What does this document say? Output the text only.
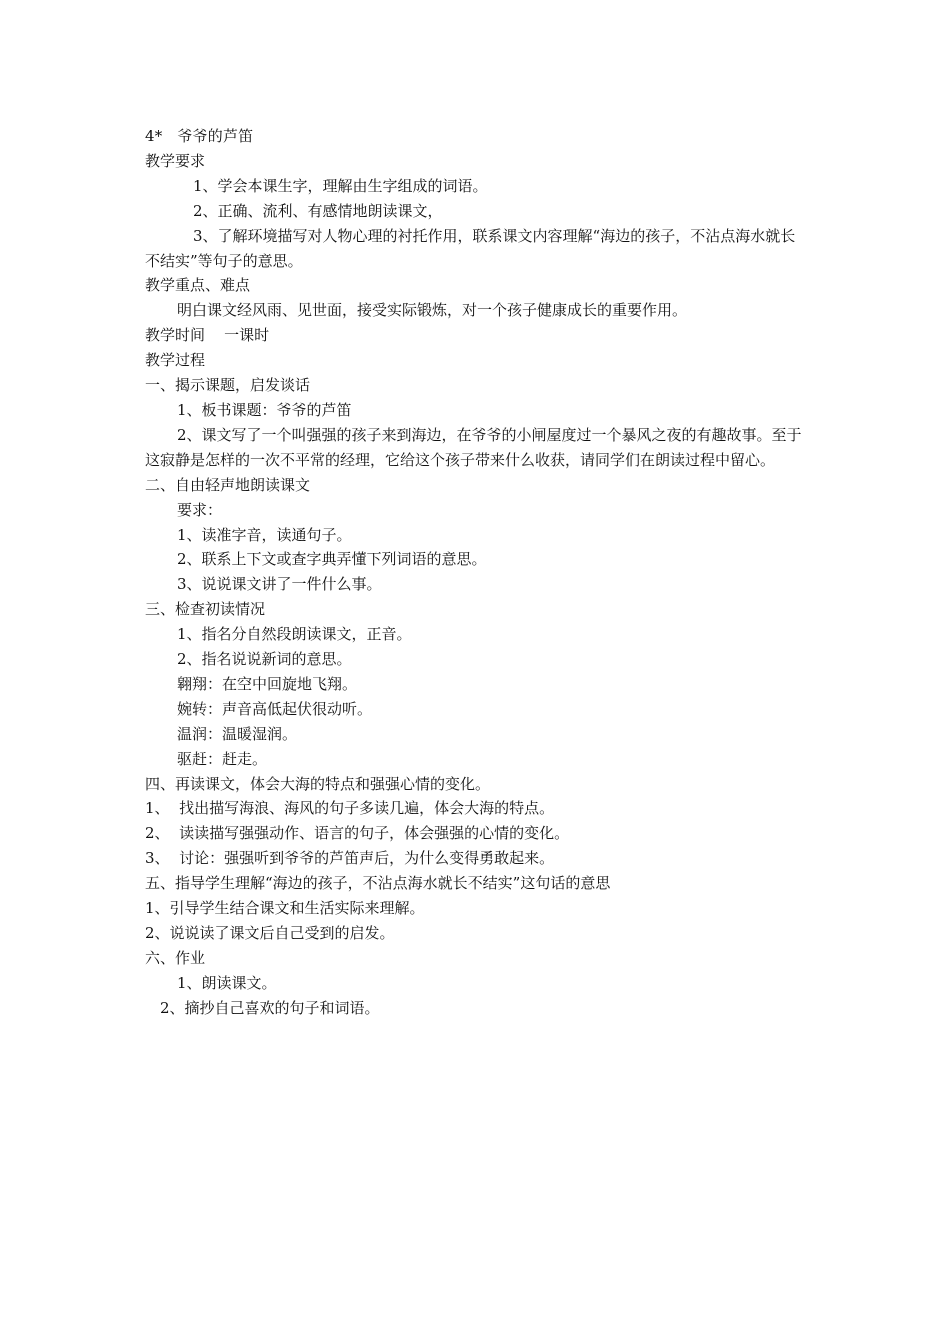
4*   爷爷的芦笛

教学要求

1、学会本课生字，理解由生字组成的词语。

2、正确、流利、有感情地朗读课文，

3、了解环境描写对人物心理的衬托作用，联系课文内容理解“海边的孩子，不沾点海水就长不结实”等句子的意思。

教学重点、难点

明白课文经风雨、见世面，接受实际锻炼，对一个孩子健康成长的重要作用。

教学时间    一课时

教学过程

一、揭示课题，启发谈话

1、板书课题：爷爷的芦笛

2、课文写了一个叫强强的孩子来到海边，在爷爷的小闸屋度过一个暴风之夜的有趣故事。至于这寂静是怎样的一次不平常的经理，它给这个孩子带来什么收获，请同学们在朗读过程中留心。

二、自由轻声地朗读课文

要求：

1、读准字音，读通句子。

2、联系上下文或查字典弄懂下列词语的意思。

3、说说课文讲了一件什么事。

三、检查初读情况

1、指名分自然段朗读课文，正音。

2、指名说说新词的意思。

翱翔：在空中回旋地飞翔。

婉转：声音高低起伏很动听。

温润：温暖湿润。

驱赶：赶走。

四、再读课文，体会大海的特点和强强心情的变化。

1、  找出描写海浪、海风的句子多读几遍，体会大海的特点。

2、  读读描写强强动作、语言的句子，体会强强的心情的变化。

3、  讨论：强强听到爷爷的芦笛声后，为什么变得勇敢起来。

五、指导学生理解“海边的孩子，不沾点海水就长不结实”这句话的意思

1、引导学生结合课文和生活实际来理解。

2、说说读了课文后自己受到的启发。

六、作业

1、朗读课文。

2、摘抄自己喜欢的句子和词语。
